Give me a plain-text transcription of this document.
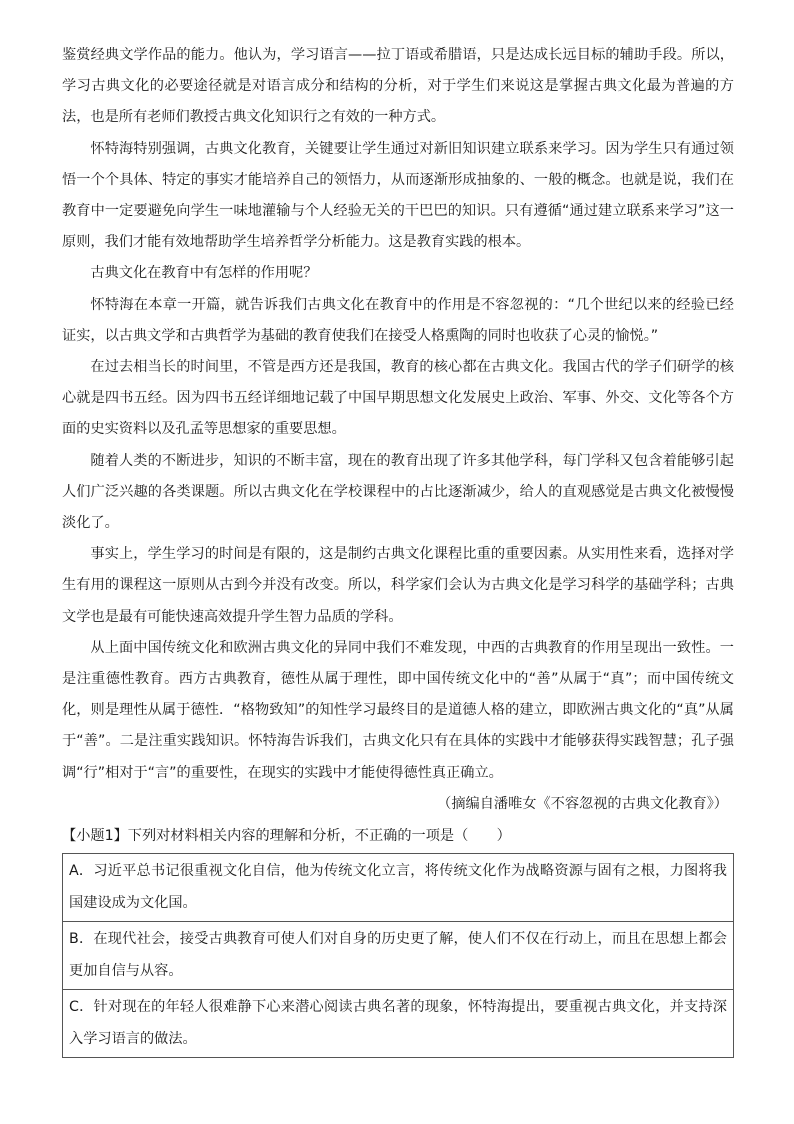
鉴赏经典文学作品的能力。他认为，学习语言——拉丁语或希腊语，只是达成长远目标的辅助手段。所以，学习古典文化的必要途径就是对语言成分和结构的分析，对于学生们来说这是掌握古典文化最为普遍的方法，也是所有老师们教授古典文化知识行之有效的一种方式。

怀特海特别强调，古典文化教育，关键要让学生通过对新旧知识建立联系来学习。因为学生只有通过领悟一个个具体、特定的事实才能培养自己的领悟力，从而逐渐形成抽象的、一般的概念。也就是说，我们在教育中一定要避免向学生一味地灌输与个人经验无关的干巴巴的知识。只有遵循“通过建立联系来学习”这一原则，我们才能有效地帮助学生培养哲学分析能力。这是教育实践的根本。

古典文化在教育中有怎样的作用呢？

怀特海在本章一开篇，就告诉我们古典文化在教育中的作用是不容忽视的：“几个世纪以来的经验已经证实，以古典文学和古典哲学为基础的教育使我们在接受人格熏陶的同时也收获了心灵的愉悦。”

在过去相当长的时间里，不管是西方还是我国，教育的核心都在古典文化。我国古代的学子们研学的核心就是四书五经。因为四书五经详细地记载了中国早期思想文化发展史上政治、军事、外交、文化等各个方面的史实资料以及孔孟等思想家的重要思想。

随着人类的不断进步，知识的不断丰富，现在的教育出现了许多其他学科，每门学科又包含着能够引起人们广泛兴趣的各类课题。所以古典文化在学校课程中的占比逐渐减少，给人的直观感觉是古典文化被慢慢淡化了。

事实上，学生学习的时间是有限的，这是制约古典文化课程比重的重要因素。从实用性来看，选择对学生有用的课程这一原则从古到今并没有改变。所以，科学家们会认为古典文化是学习科学的基础学科；古典文学也是最有可能快速高效提升学生智力品质的学科。

从上面中国传统文化和欧洲古典文化的异同中我们不难发现，中西的古典教育的作用呈现出一致性。一是注重德性教育。西方古典教育，德性从属于理性，即中国传统文化中的“善”从属于“真”；而中国传统文化，则是理性从属于德性．“格物致知”的知性学习最终目的是道德人格的建立，即欧洲古典文化的“真”从属于“善”。二是注重实践知识。怀特海告诉我们，古典文化只有在具体的实践中才能够获得实践智慧；孔子强调“行”相对于“言”的重要性，在现实的实践中才能使得德性真正确立。

（摘编自潘唯女《不容忽视的古典文化教育》）

【小题1】下列对材料相关内容的理解和分析，不正确的一项是（　　）

A．习近平总书记很重视文化自信，他为传统文化立言，将传统文化作为战略资源与固有之根，力图将我国建设成为文化国。
B．在现代社会，接受古典教育可使人们对自身的历史更了解，使人们不仅在行动上，而且在思想上都会更加自信与从容。
C．针对现在的年轻人很难静下心来潜心阅读古典名著的现象，怀特海提出，要重视古典文化，并支持深入学习语言的做法。
